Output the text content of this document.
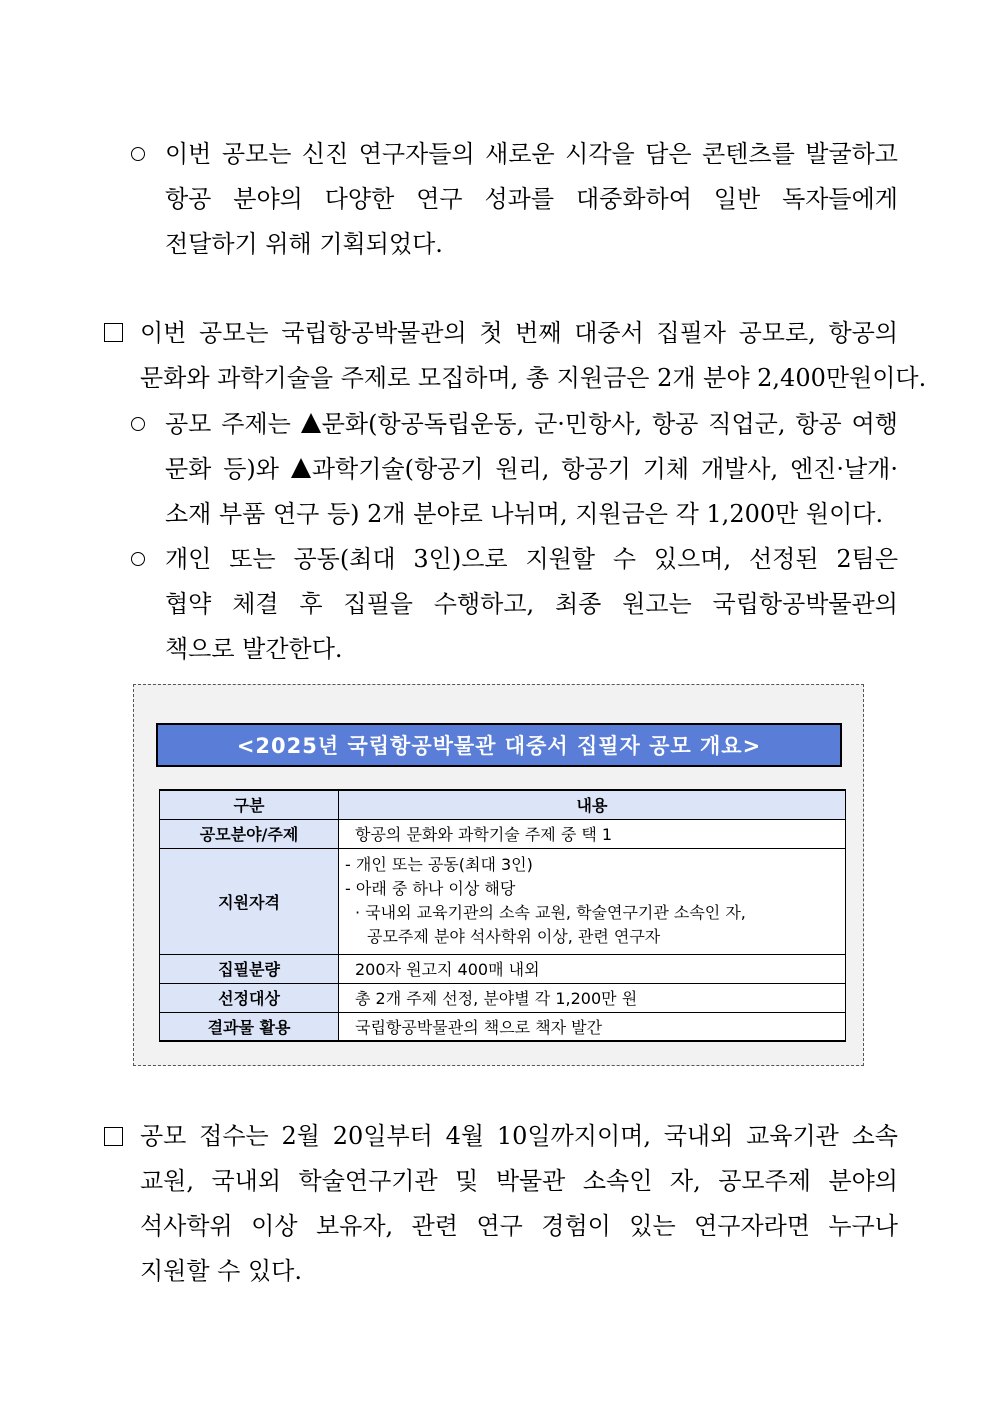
이번 공모는 신진 연구자들의 새로운 시각을 담은 콘텐츠를 발굴하고
항공 분야의 다양한 연구 성과를 대중화하여 일반 독자들에게
전달하기 위해 기획되었다.
이번 공모는 국립항공박물관의 첫 번째 대중서 집필자 공모로, 항공의
문화와 과학기술을 주제로 모집하며, 총 지원금은 2개 분야 2,400만원이다.
공모 주제는 문화(항공독립운동, 군·민항사, 항공 직업군, 항공 여행
문화 등)와 과학기술(항공기 원리, 항공기 기체 개발사, 엔진·날개·
소재 부품 연구 등) 2개 분야로 나뉘며, 지원금은 각 1,200만 원이다.
개인 또는 공동(최대 3인)으로 지원할 수 있으며, 선정된 2팀은
협약 체결 후 집필을 수행하고, 최종 원고는 국립항공박물관의
책으로 발간한다.
<2025년 국립항공박물관 대중서 집필자 공모 개요>
구분	내용
공모분야/주제	항공의 문화와 과학기술 주제 중 택 1
지원자격	- 개인 또는 공동(최대 3인)
- 아래 중 하나 이상 해당
· 국내외 교육기관의 소속 교원, 학술연구기관 소속인 자,
공모주제 분야 석사학위 이상, 관련 연구자

집필분량	200자 원고지 400매 내외
선정대상	총 2개 주제 선정, 분야별 각 1,200만 원
결과물 활용	국립항공박물관의 책으로 책자 발간
공모 접수는 2월 20일부터 4월 10일까지이며, 국내외 교육기관 소속
교원, 국내외 학술연구기관 및 박물관 소속인 자, 공모주제 분야의
석사학위 이상 보유자, 관련 연구 경험이 있는 연구자라면 누구나
지원할 수 있다.
